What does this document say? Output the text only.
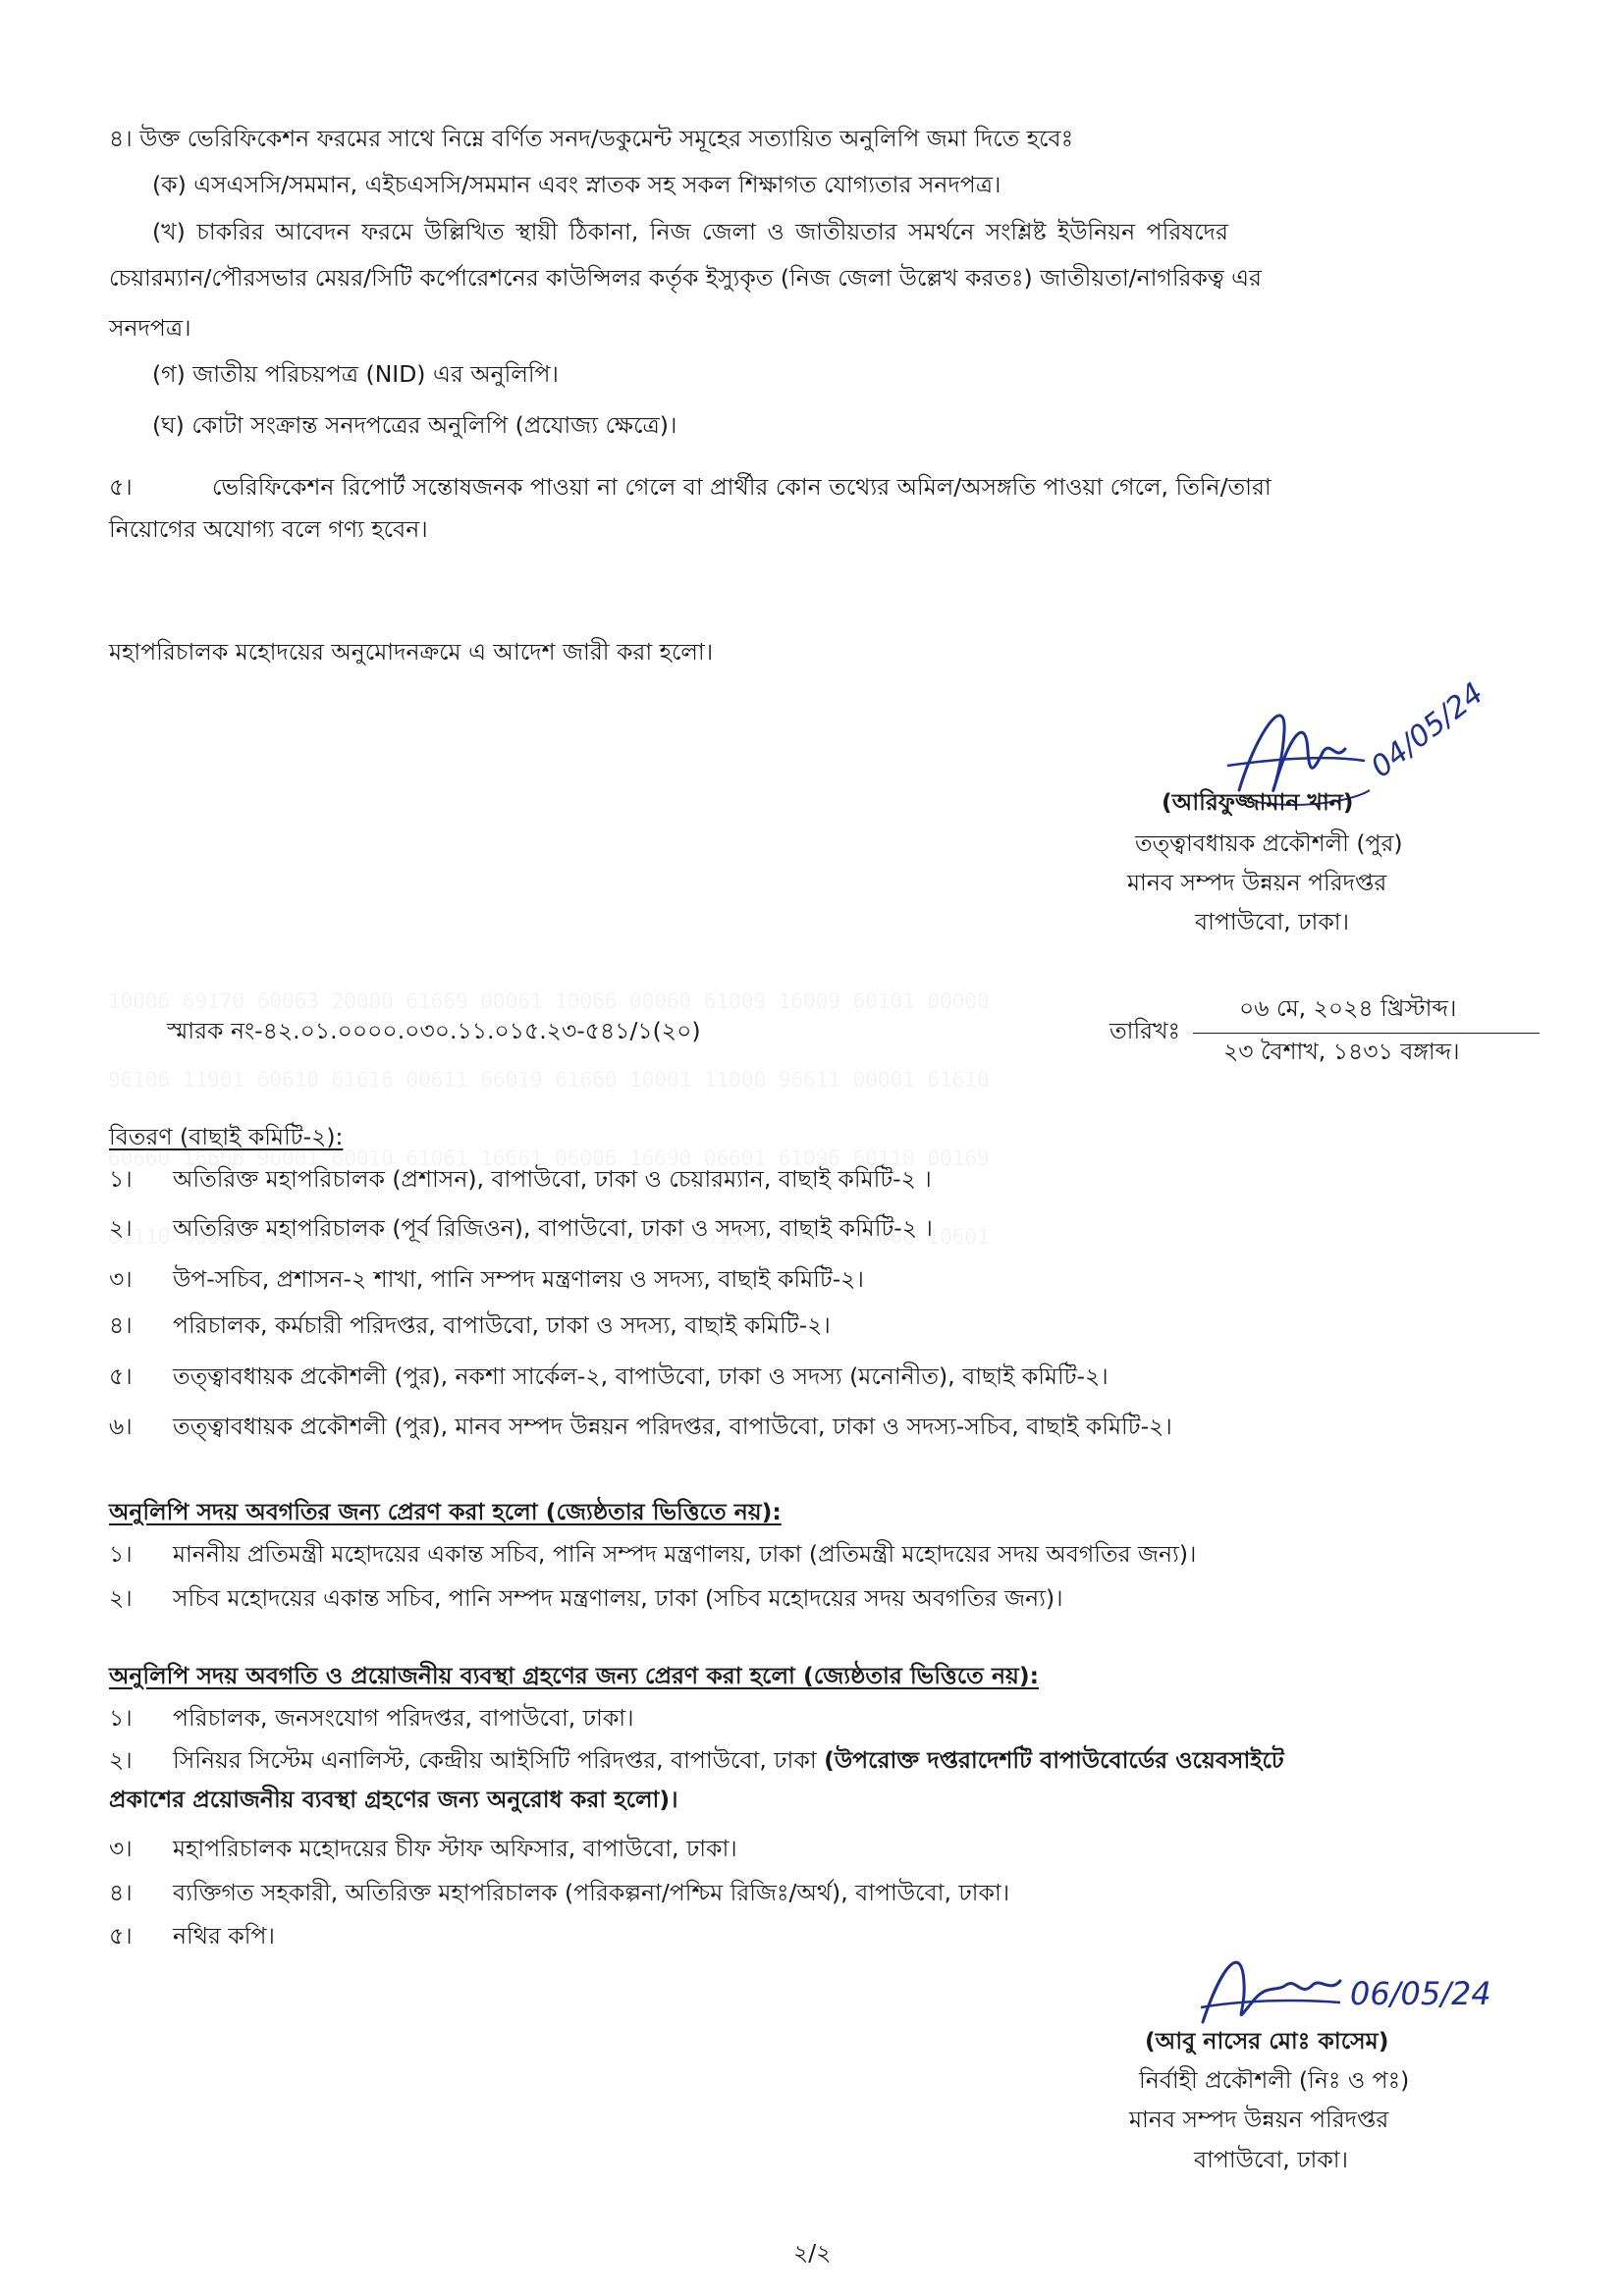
৪। উক্ত ভেরিফিকেশন ফরমের সাথে নিম্নে বর্ণিত সনদ/ডকুমেন্ট সমূহের সত্যায়িত অনুলিপি জমা দিতে হবেঃ
(ক) এসএসসি/সমমান, এইচএসসি/সমমান এবং স্নাতক সহ সকল শিক্ষাগত যোগ্যতার সনদপত্র।
(খ) চাকরির আবেদন ফরমে উল্লিখিত স্থায়ী ঠিকানা, নিজ জেলা ও জাতীয়তার সমর্থনে সংশ্লিষ্ট ইউনিয়ন পরিষদের
চেয়ারম্যান/পৌরসভার মেয়র/সিটি কর্পোরেশনের কাউন্সিলর কর্তৃক ইস্যুকৃত (নিজ জেলা উল্লেখ করতঃ) জাতীয়তা/নাগরিকত্ব এর
সনদপত্র।
(গ) জাতীয় পরিচয়পত্র (NID) এর অনুলিপি।
(ঘ) কোটা সংক্রান্ত সনদপত্রের অনুলিপি (প্রযোজ্য ক্ষেত্রে)।
৫।	ভেরিফিকেশন রিপোর্ট সন্তোষজনক পাওয়া না গেলে বা প্রার্থীর কোন তথ্যের অমিল/অসঙ্গতি পাওয়া গেলে, তিনি/তারা
নিয়োগের অযোগ্য বলে গণ্য হবেন।
মহাপরিচালক মহোদয়ের অনুমোদনক্রমে এ আদেশ জারী করা হলো।
04/05/24
(আরিফুজ্জামান খান)
তত্ত্বাবধায়ক প্রকৌশলী (পুর)
মানব সম্পদ উন্নয়ন পরিদপ্তর
বাপাউবো, ঢাকা।
স্মারক নং-৪২.০১.০০০০.০৩০.১১.০১৫.২৩-৫৪১/১(২০)	তারিখঃ
০৬ মে, ২০২৪ খ্রিস্টাব্দ।
২৩ বৈশাখ, ১৪৩১ বঙ্গাব্দ।
বিতরণ (বাছাই কমিটি-২):
১। অতিরিক্ত মহাপরিচালক (প্রশাসন), বাপাউবো, ঢাকা ও চেয়ারম্যান, বাছাই কমিটি-২ ।
২। অতিরিক্ত মহাপরিচালক (পূর্ব রিজিওন), বাপাউবো, ঢাকা ও সদস্য, বাছাই কমিটি-২ ।
৩। উপ-সচিব, প্রশাসন-২ শাখা, পানি সম্পদ মন্ত্রণালয় ও সদস্য, বাছাই কমিটি-২।
৪। পরিচালক, কর্মচারী পরিদপ্তর, বাপাউবো, ঢাকা ও সদস্য, বাছাই কমিটি-২।
৫। তত্ত্বাবধায়ক প্রকৌশলী (পুর), নকশা সার্কেল-২, বাপাউবো, ঢাকা ও সদস্য (মনোনীত), বাছাই কমিটি-২।
৬। তত্ত্বাবধায়ক প্রকৌশলী (পুর), মানব সম্পদ উন্নয়ন পরিদপ্তর, বাপাউবো, ঢাকা ও সদস্য-সচিব, বাছাই কমিটি-২।
অনুলিপি সদয় অবগতির জন্য প্রেরণ করা হলো (জ্যেষ্ঠতার ভিত্তিতে নয়):
১। মাননীয় প্রতিমন্ত্রী মহোদয়ের একান্ত সচিব, পানি সম্পদ মন্ত্রণালয়, ঢাকা (প্রতিমন্ত্রী মহোদয়ের সদয় অবগতির জন্য)।
২। সচিব মহোদয়ের একান্ত সচিব, পানি সম্পদ মন্ত্রণালয়, ঢাকা (সচিব মহোদয়ের সদয় অবগতির জন্য)।
অনুলিপি সদয় অবগতি ও প্রয়োজনীয় ব্যবস্থা গ্রহণের জন্য প্রেরণ করা হলো (জ্যেষ্ঠতার ভিত্তিতে নয়):
১। পরিচালক, জনসংযোগ পরিদপ্তর, বাপাউবো, ঢাকা।
২। সিনিয়র সিস্টেম এনালিস্ট, কেন্দ্রীয় আইসিটি পরিদপ্তর, বাপাউবো, ঢাকা (উপরোক্ত দপ্তরাদেশটি বাপাউবোর্ডের ওয়েবসাইটে
প্রকাশের প্রয়োজনীয় ব্যবস্থা গ্রহণের জন্য অনুরোধ করা হলো)।
৩। মহাপরিচালক মহোদয়ের চীফ স্টাফ অফিসার, বাপাউবো, ঢাকা।
৪। ব্যক্তিগত সহকারী, অতিরিক্ত মহাপরিচালক (পরিকল্পনা/পশ্চিম রিজিঃ/অর্থ), বাপাউবো, ঢাকা।
৫। নথির কপি।
06/05/24
(আবু নাসের মোঃ কাসেম)
নির্বাহী প্রকৌশলী (নিঃ ও পঃ)
মানব সম্পদ উন্নয়ন পরিদপ্তর
বাপাউবো, ঢাকা।
২/২
